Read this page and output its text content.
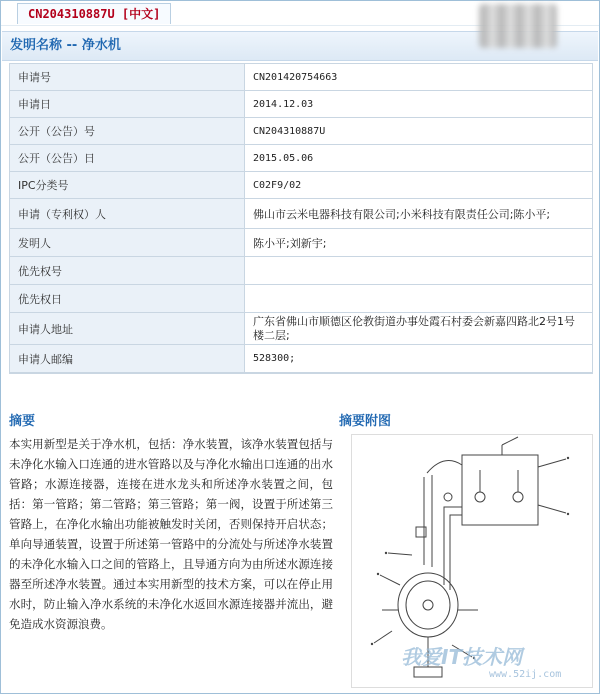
CN204310887U [中文]
发明名称 -- 净水机
申请号	CN201420754663
申请日	2014.12.03
公开（公告）号	CN204310887U
公开（公告）日	2015.05.06
IPC分类号	C02F9/02
申请（专利权）人	佛山市云米电器科技有限公司;小米科技有限责任公司;陈小平;
发明人	陈小平;刘新宇;
优先权号	
优先权日	
申请人地址	广东省佛山市顺德区伦教街道办事处霞石村委会新嘉四路北2号1号楼二层;
申请人邮编	528300;
摘要
本实用新型是关于净水机，包括：净水装置，该净水装置包括与未净化水输入口连通的进水管路以及与净化水输出口连通的出水管路；水源连接器，连接在进水龙头和所述净水装置之间，包括：第一管路；第二管路；第三管路；第一阀，设置于所述第三管路上，在净化水输出功能被触发时关闭，否则保持开启状态；单向导通装置，设置于所述第一管路中的分流处与所述净水装置的未净化水输入口之间的管路上，且导通方向为由所述水源连接器至所述净水装置。通过本实用新型的技术方案，可以在停止用水时，防止输入净水系统的未净化水返回水源连接器并流出，避免造成水资源浪费。
摘要附图
我爱IT技术网
www.52ij.com
